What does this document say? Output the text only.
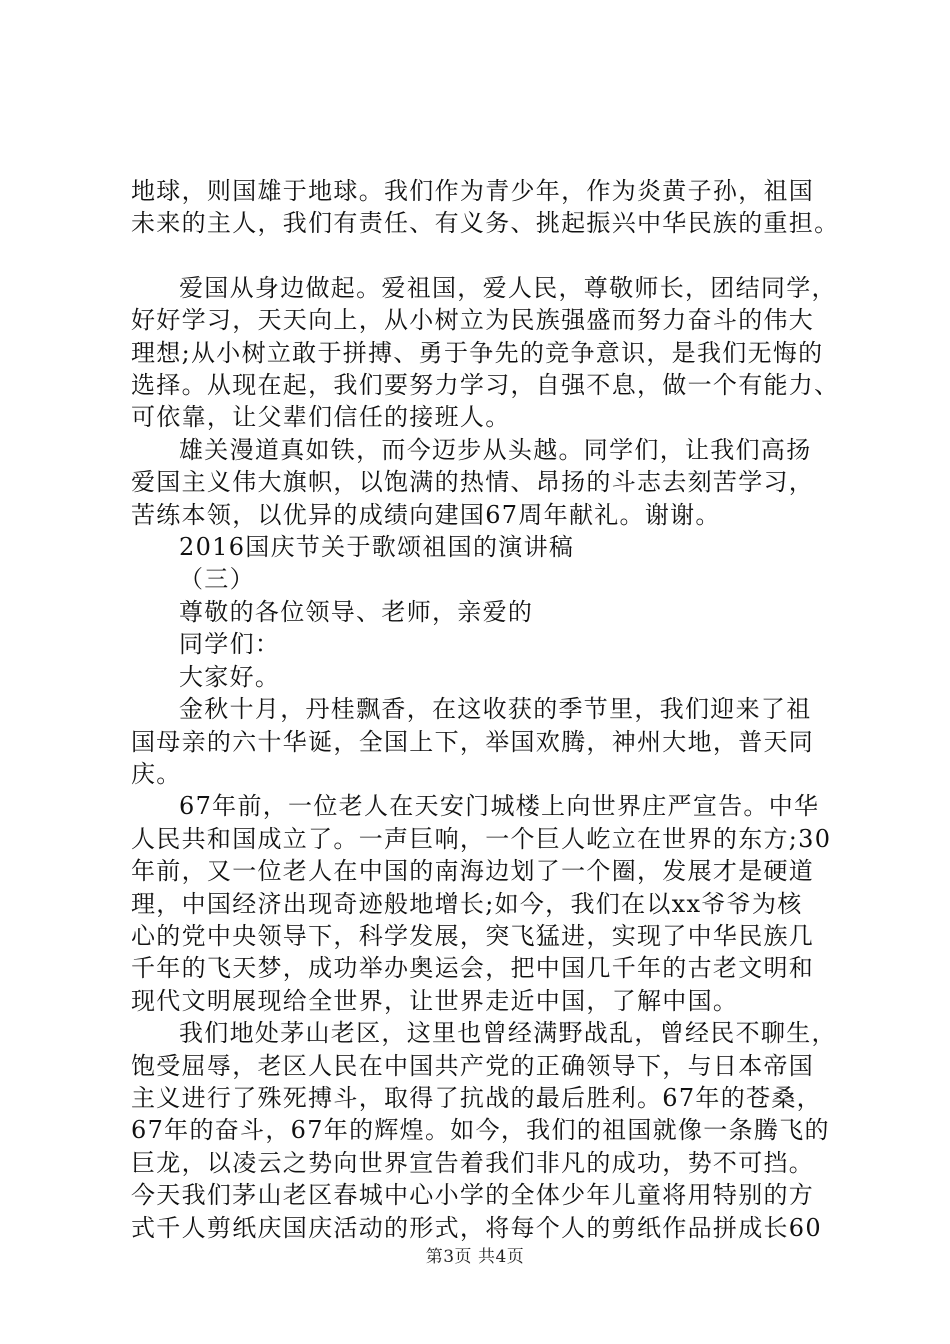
地球，则国雄于地球。我们作为青少年，作为炎黄子孙，祖国
未来的主人，我们有责任、有义务、挑起振兴中华民族的重担。
爱国从身边做起。爱祖国，爱人民，尊敬师长，团结同学，
好好学习，天天向上，从小树立为民族强盛而努力奋斗的伟大
理想;从小树立敢于拼搏、勇于争先的竞争意识，是我们无悔的
选择。从现在起，我们要努力学习，自强不息，做一个有能力、
可依靠，让父辈们信任的接班人。
雄关漫道真如铁，而今迈步从头越。同学们，让我们高扬
爱国主义伟大旗帜，以饱满的热情、昂扬的斗志去刻苦学习，
苦练本领，以优异的成绩向建国67周年献礼。谢谢。
2016国庆节关于歌颂祖国的演讲稿
（三）
尊敬的各位领导、老师，亲爱的
同学们：
大家好。
金秋十月，丹桂飘香，在这收获的季节里，我们迎来了祖
国母亲的六十华诞，全国上下，举国欢腾，神州大地，普天同
庆。
67年前，一位老人在天安门城楼上向世界庄严宣告。中华
人民共和国成立了。一声巨响，一个巨人屹立在世界的东方;30
年前，又一位老人在中国的南海边划了一个圈，发展才是硬道
理，中国经济出现奇迹般地增长;如今，我们在以xx爷爷为核
心的党中央领导下，科学发展，突飞猛进，实现了中华民族几
千年的飞天梦，成功举办奥运会，把中国几千年的古老文明和
现代文明展现给全世界，让世界走近中国，了解中国。
我们地处茅山老区，这里也曾经满野战乱，曾经民不聊生，
饱受屈辱，老区人民在中国共产党的正确领导下，与日本帝国
主义进行了殊死搏斗，取得了抗战的最后胜利。67年的苍桑，
67年的奋斗，67年的辉煌。如今，我们的祖国就像一条腾飞的
巨龙，以凌云之势向世界宣告着我们非凡的成功，势不可挡。
今天我们茅山老区春城中心小学的全体少年儿童将用特别的方
式千人剪纸庆国庆活动的形式，将每个人的剪纸作品拼成长60
第3页 共4页
